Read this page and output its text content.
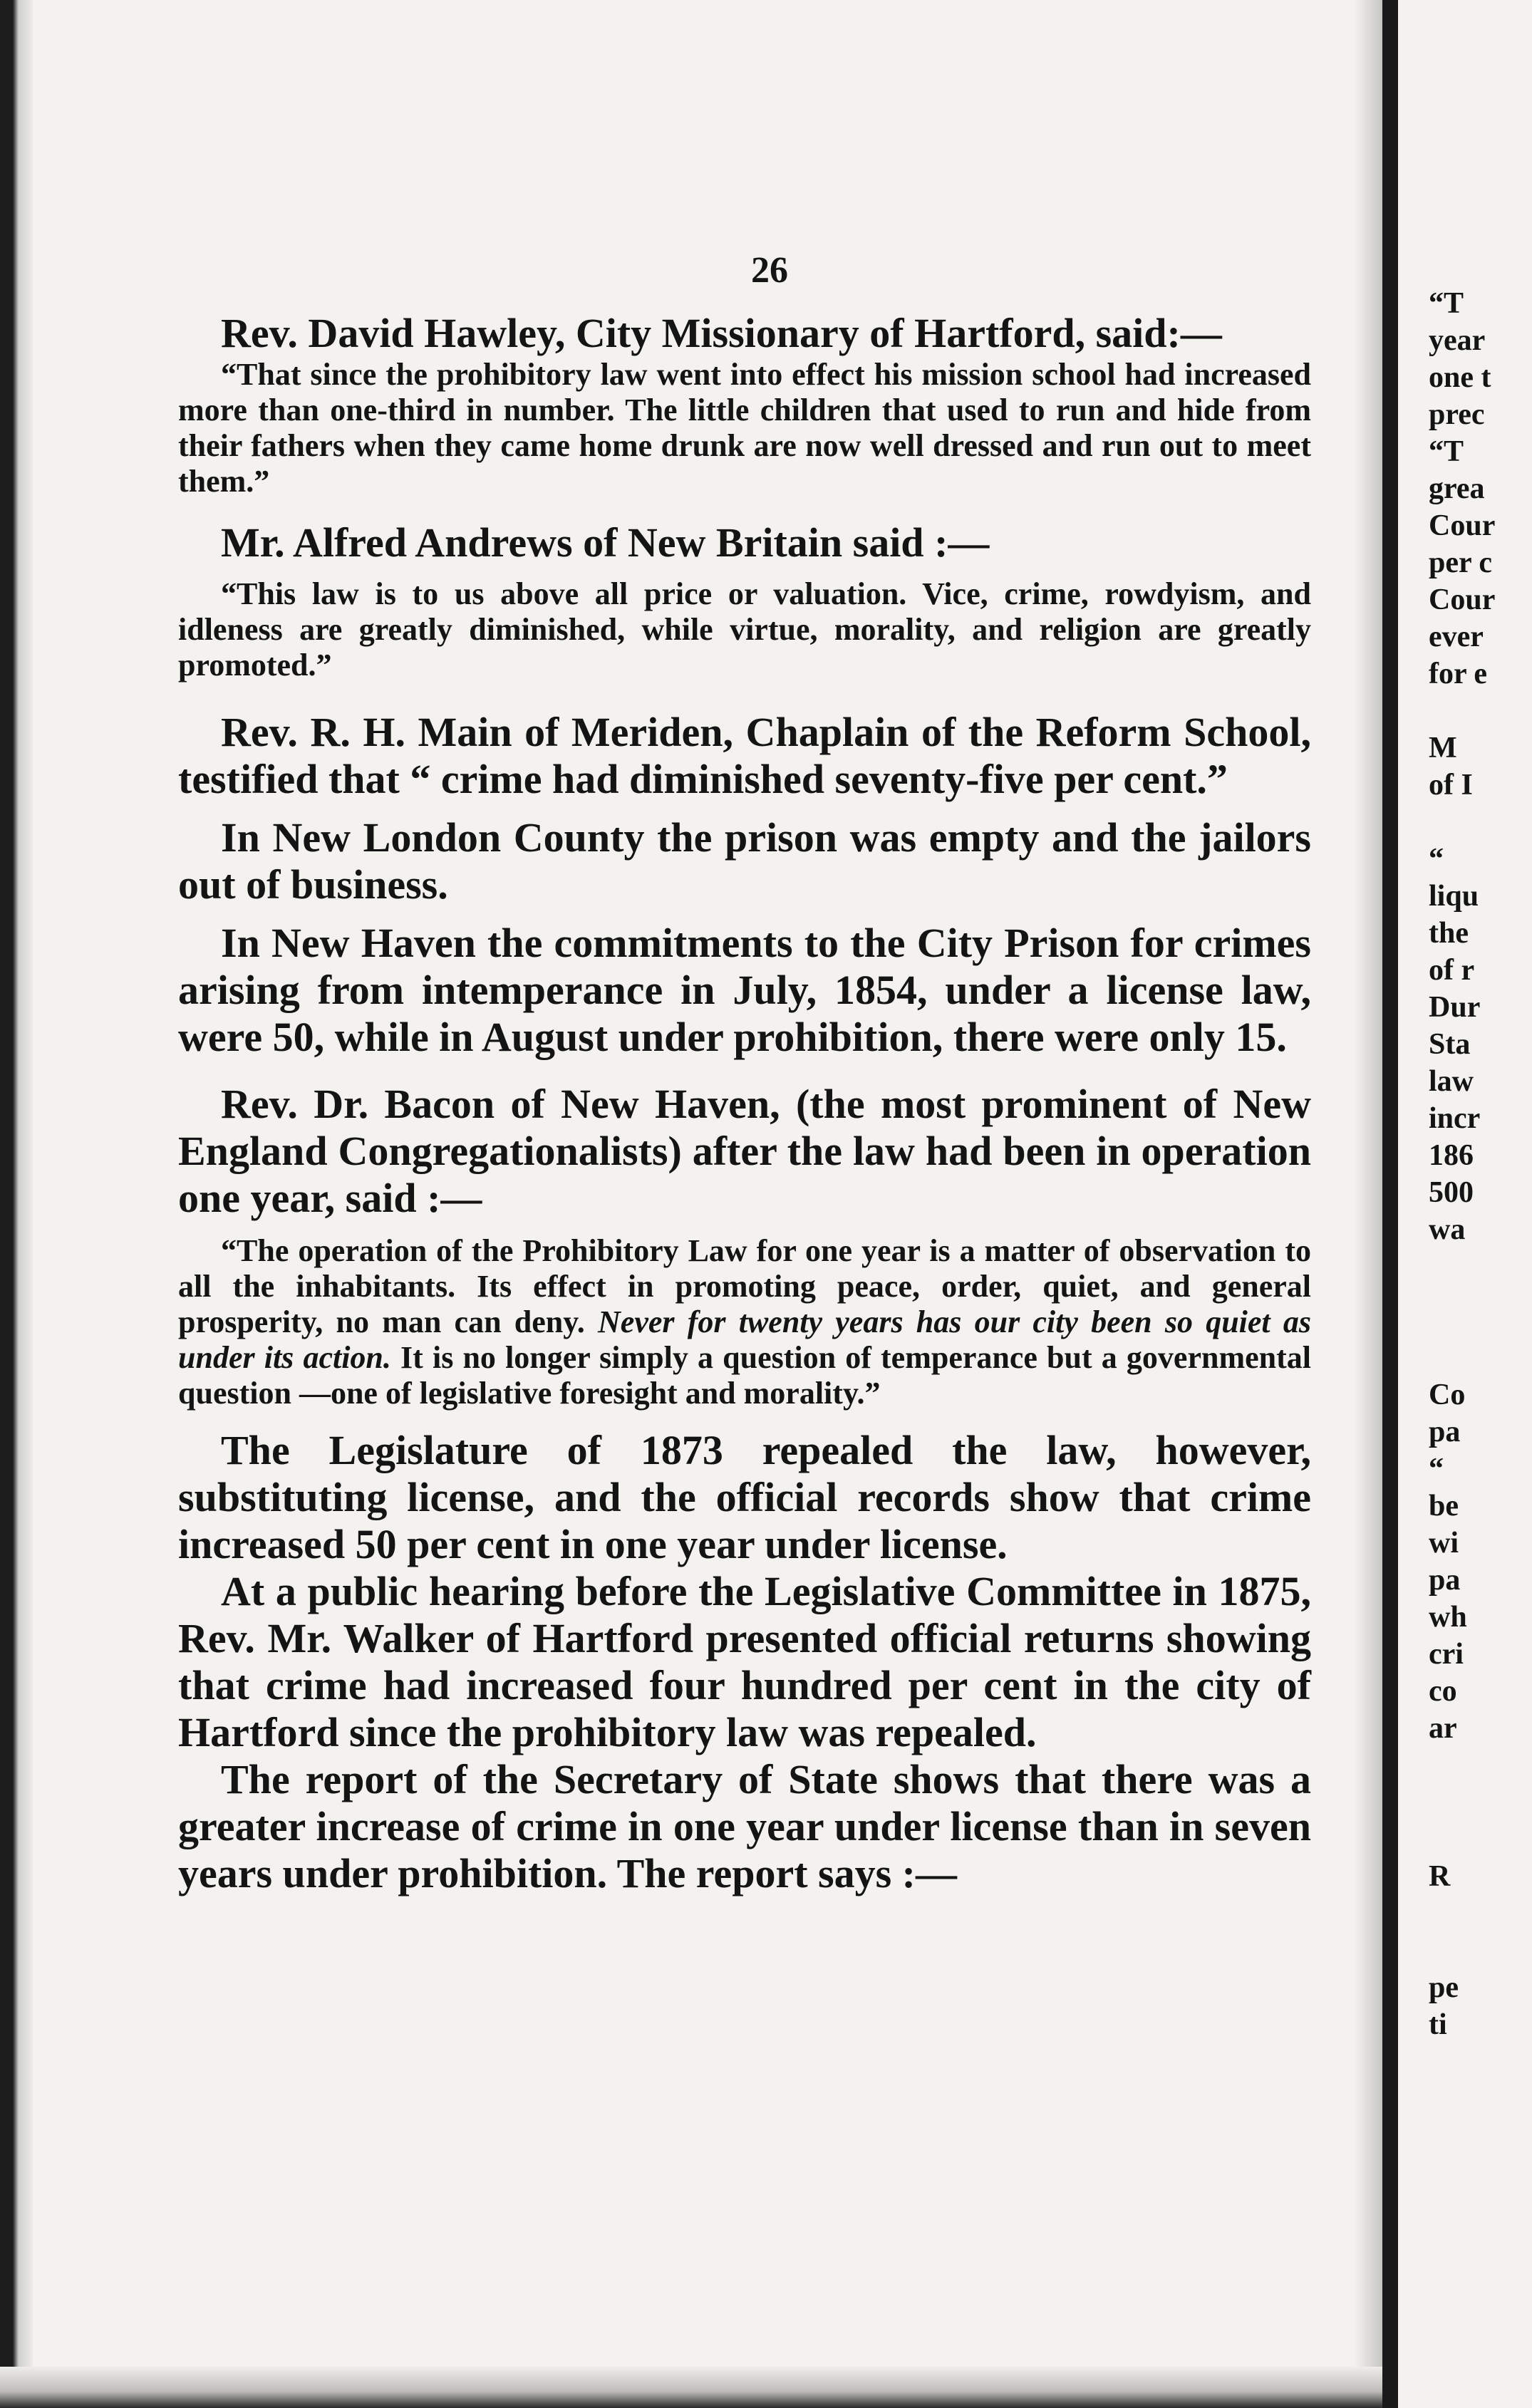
26

Rev. David Hawley, City Missionary of Hartford, said:—

“That since the prohibitory law went into effect his mission school had increased more than one-third in number. The little children that used to run and hide from their fathers when they came home drunk are now well dressed and run out to meet them.”

Mr. Alfred Andrews of New Britain said :—

“This law is to us above all price or valuation. Vice, crime, rowdyism, and idleness are greatly diminished, while virtue, morality, and religion are greatly promoted.”

Rev. R. H. Main of Meriden, Chaplain of the Reform School, testified that “ crime had diminished seventy-five per cent.”

In New London County the prison was empty and the jailors out of business.

In New Haven the commitments to the City Prison for crimes arising from intemperance in July, 1854, under a license law, were 50, while in August under prohibition, there were only 15.

Rev. Dr. Bacon of New Haven, (the most prominent of New England Congregationalists) after the law had been in operation one year, said :—

“The operation of the Prohibitory Law for one year is a matter of observation to all the inhabitants. Its effect in promoting peace, order, quiet, and general prosperity, no man can deny. Never for twenty years has our city been so quiet as under its action. It is no longer simply a question of temperance but a governmental question —one of legislative foresight and morality.”

The Legislature of 1873 repealed the law, however, substituting license, and the official records show that crime increased 50 per cent in one year under license.

At a public hearing before the Legislative Committee in 1875, Rev. Mr. Walker of Hartford presented official returns showing that crime had increased four hundred per cent in the city of Hartford since the prohibitory law was repealed.

The report of the Secretary of State shows that there was a greater increase of crime in one year under license than in seven years under prohibition. The report says :—

“T
year
one t
prec
“T
grea
Cour
per c
Cour
ever
for e
M
of I
“
liqu
the
of r
Dur
Sta
law
incr
186
500
wa
Co
pa
“
be
wi
pa
wh
cri
co
ar
R
pe
ti
